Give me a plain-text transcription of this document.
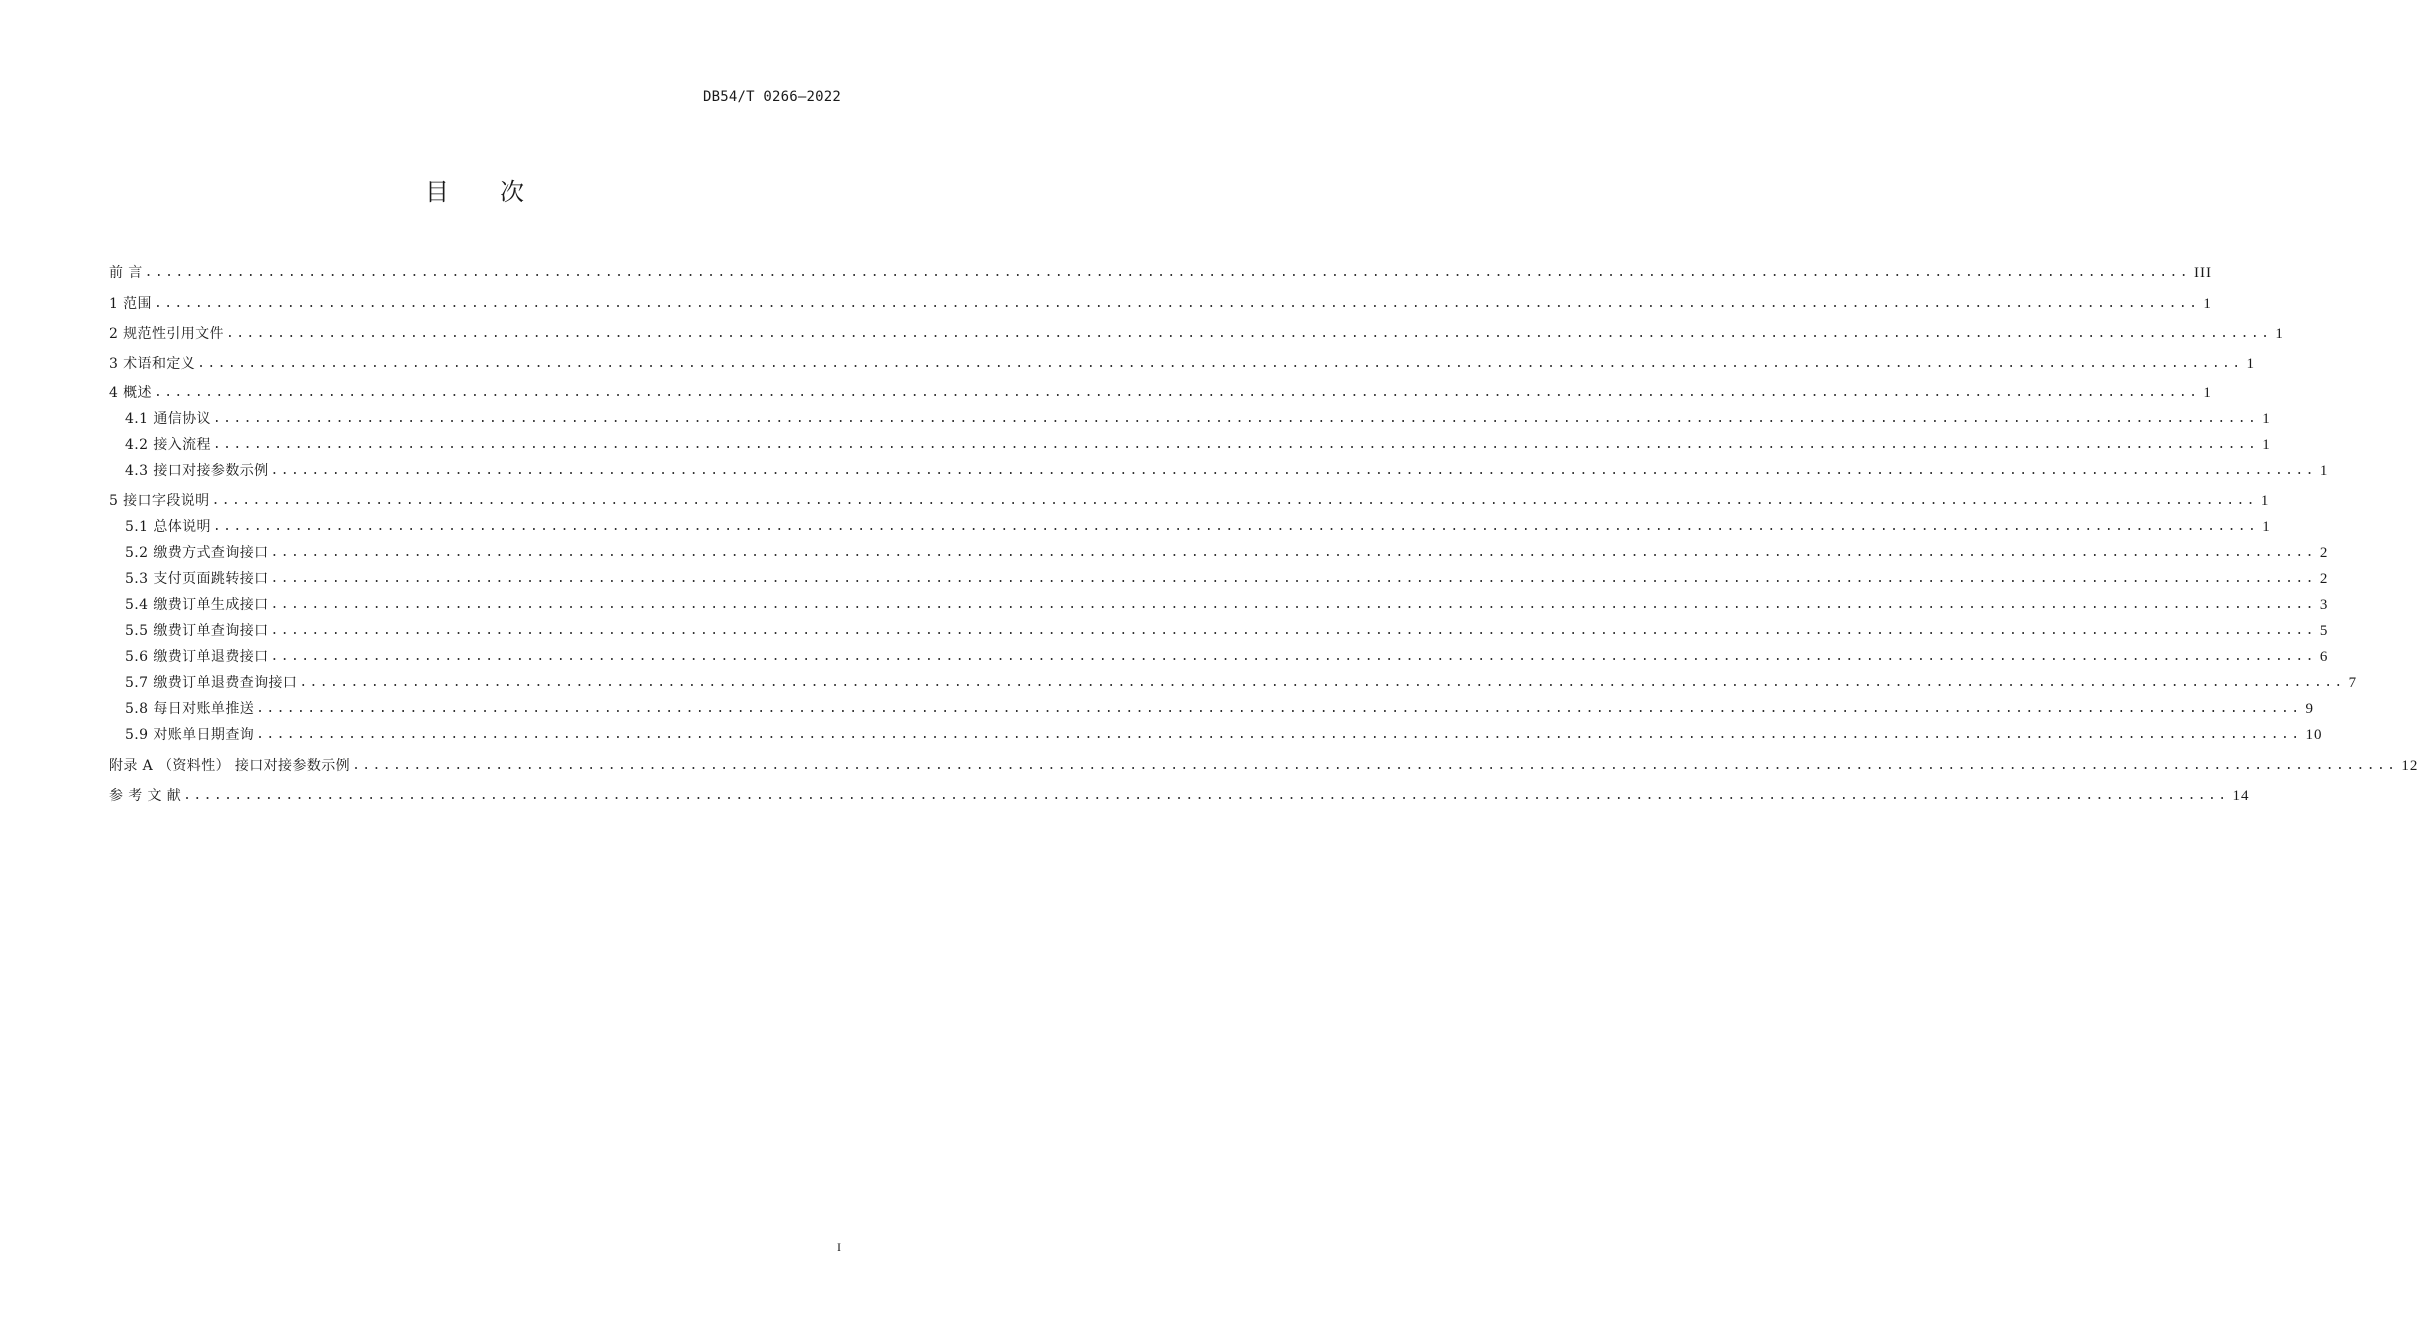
DB54/T 0266—2022
目　　次
前 言 ........................................................................................................................................................................................................ III
1 范围 ........................................................................................................................................................................................................ 1
2 规范性引用文件 ........................................................................................................................................................................................................ 1
3 术语和定义 ........................................................................................................................................................................................................ 1
4 概述 ........................................................................................................................................................................................................ 1
4.1 通信协议 ........................................................................................................................................................................................................ 1
4.2 接入流程 ........................................................................................................................................................................................................ 1
4.3 接口对接参数示例 ........................................................................................................................................................................................................ 1
5 接口字段说明 ........................................................................................................................................................................................................ 1
5.1 总体说明 ........................................................................................................................................................................................................ 1
5.2 缴费方式查询接口 ........................................................................................................................................................................................................ 2
5.3 支付页面跳转接口 ........................................................................................................................................................................................................ 2
5.4 缴费订单生成接口 ........................................................................................................................................................................................................ 3
5.5 缴费订单查询接口 ........................................................................................................................................................................................................ 5
5.6 缴费订单退费接口 ........................................................................................................................................................................................................ 6
5.7 缴费订单退费查询接口 ........................................................................................................................................................................................................ 7
5.8 每日对账单推送 ........................................................................................................................................................................................................ 9
5.9 对账单日期查询 ........................................................................................................................................................................................................ 10
附录 A （资料性） 接口对接参数示例 ........................................................................................................................................................................................................ 12
参 考 文 献 ........................................................................................................................................................................................................ 14
I
